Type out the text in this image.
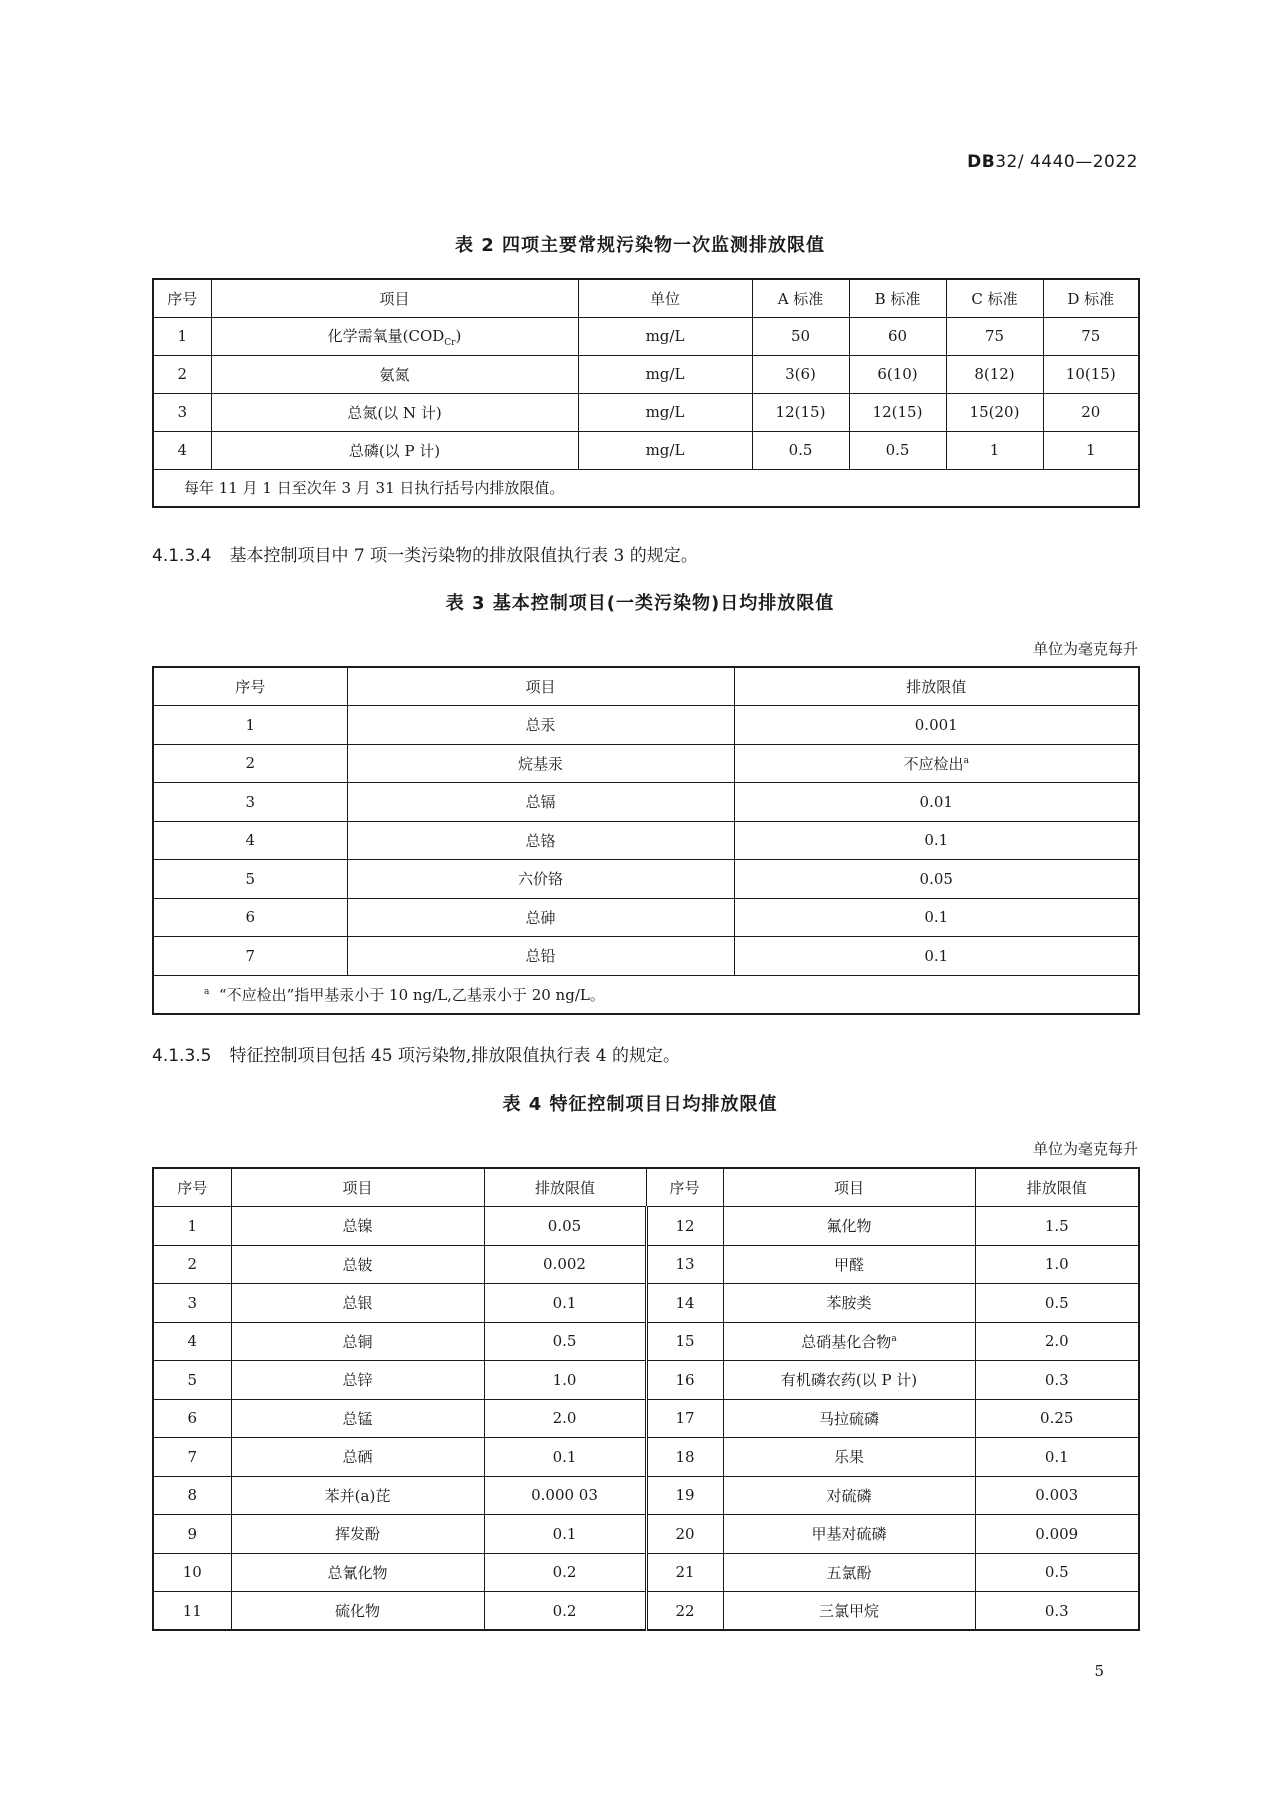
DB32/ 4440—2022
表 2 四项主要常规污染物一次监测排放限值
序号	项目	单位	A 标准	B 标准	C 标准	D 标准
1	化学需氧量$(COD_{Cr})$	mg/L	50	60	75	75
2	氨氮	mg/L	3(6)	6(10)	8(12)	10(15)
3	总氮(以 N 计)	mg/L	12(15)	12(15)	15(20)	20
4	总磷(以 P 计)	mg/L	0.5	0.5	1	1
每年 11 月 1 日至次年 3 月 31 日执行括号内排放限值。						
4.1.3.4 基本控制项目中 7 项一类污染物的排放限值执行表 3 的规定。
表 3 基本控制项目(一类污染物)日均排放限值
单位为毫克每升
序号	项目	排放限值
1	总汞	0.001
2	烷基汞	不应检出$^a$
3	总镉	0.01
4	总铬	0.1
5	六价铬	0.05
6	总砷	0.1
7	总铅	0.1
$^a$ “不应检出”指甲基汞小于 10 ng/L,乙基汞小于 20 ng/L。		
4.1.3.5 特征控制项目包括 45 项污染物,排放限值执行表 4 的规定。
表 4 特征控制项目日均排放限值
单位为毫克每升
序号	项目	排放限值	序号	项目	排放限值
1	总镍	0.05	12	氟化物	1.5
2	总铍	0.002	13	甲醛	1.0
3	总银	0.1	14	苯胺类	0.5
4	总铜	0.5	15	总硝基化合物$^a$	2.0
5	总锌	1.0	16	有机磷农药(以 P 计)	0.3
6	总锰	2.0	17	马拉硫磷	0.25
7	总硒	0.1	18	乐果	0.1
8	苯并(a)芘	0.000 03	19	对硫磷	0.003
9	挥发酚	0.1	20	甲基对硫磷	0.009
10	总氰化物	0.2	21	五氯酚	0.5
11	硫化物	0.2	22	三氯甲烷	0.3
5
